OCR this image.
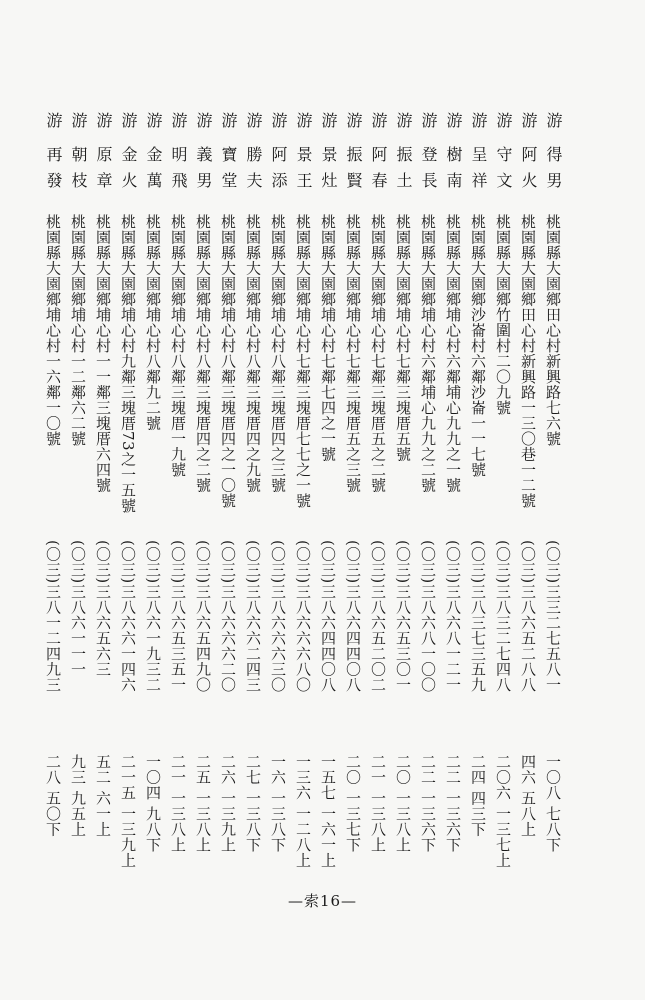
游
得男
桃園縣大園鄉田心村新興路七六號
(〇三)三三二七五八一
一〇八 七八下
游
阿火
桃園縣大園鄉田心村新興路一三〇巷一二號
(〇三)三八六五二八八
四六 五八上
游
守文
桃園縣大園鄉竹圍村二〇九號
(〇三)三八三二七四八
二〇六 一三七上
游
呈祥
桃園縣大園鄉沙崙村六鄰沙崙一一七號
(〇三)三八三七三五九
二四 四三下
游
樹南
桃園縣大園鄉埔心村六鄰埔心九九之一號
(〇三)三八六八一二一
二二 一三六下
游
登長
桃園縣大園鄉埔心村六鄰埔心九九之二號
(〇三)三八六八一〇〇
二二 一三六下
游
振土
桃園縣大園鄉埔心村七鄰三塊厝五號
(〇三)三八六五三〇一
二〇 一三八上
游
阿春
桃園縣大園鄉埔心村七鄰三塊厝五之二號
(〇三)三八六五二〇二
二一 一三八上
游
振賢
桃園縣大園鄉埔心村七鄰三塊厝五之三號
(〇三)三八六四四〇八
二〇 一三七下
游
景灶
桃園縣大園鄉埔心村七鄰七四之一號
(〇三)三八六四四〇八
一五七 一六一上
游
景王
桃園縣大園鄉埔心村七鄰三塊厝七七之一號
(〇三)三八六六六八〇
一三六 一二八上
游
阿添
桃園縣大園鄉埔心村八鄰三塊厝四之三號
(〇三)三八六六六三〇
一六 一三八下
游
勝夫
桃園縣大園鄉埔心村八鄰三塊厝四之九號
(〇三)三八六六二四三
二七 一三八下
游
寶堂
桃園縣大園鄉埔心村八鄰三塊厝四之一〇號
(〇三)三八六六六二〇
二六 一三九上
游
義男
桃園縣大園鄉埔心村八鄰三塊厝四之二號
(〇三)三八六五四九〇
二五 一三八上
游
明飛
桃園縣大園鄉埔心村八鄰三塊厝一九號
(〇三)三八六五三五一
二一 一三八上
游
金萬
桃園縣大園鄉埔心村八鄰九二號
(〇三)三八六一九三二
一〇四 九八下
游
金火
桃園縣大園鄉埔心村九鄰三塊厝73之一五號
(〇三)三八六六一四六
二一五 一三九上
游
原章
桃園縣大園鄉埔心村一一鄰三塊厝六四號
(〇三)三八六五六三
五二 六一上
游
朝枝
桃園縣大園鄉埔心村一二鄰六二號
(〇三)三八六一一一
九三 九五上
游
再發
桃園縣大園鄉埔心村一六鄰一〇號
(〇三)三八一二四九三
二八 五〇下
—索16—
